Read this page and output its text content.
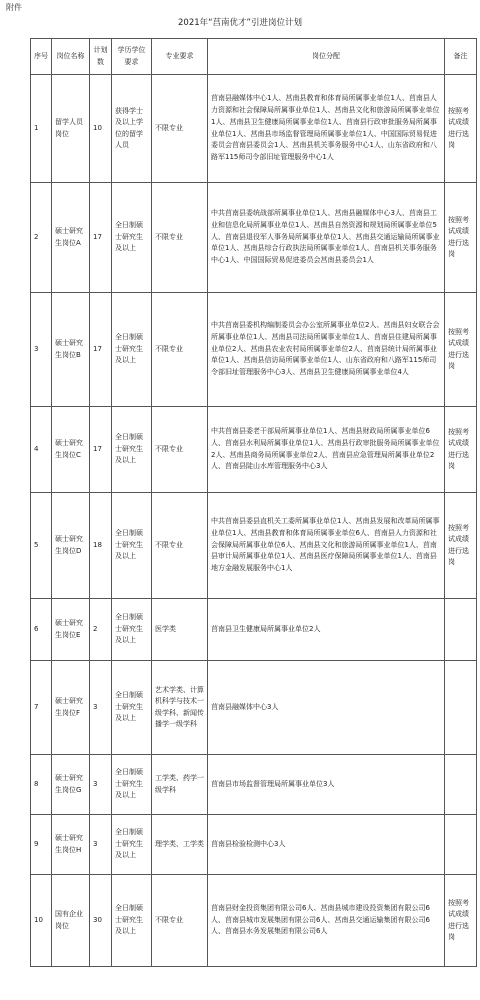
附件
2021年“莒南优才”引进岗位计划
序号	岗位名称	计划数	学历学位要求	专业要求	岗位分配	备注
1	留学人员岗位	10	获得学士及以上学位的留学人员	不限专业	莒南县融媒体中心1人、莒南县教育和体育局所属事业单位1人、莒南县人力资源和社会保障局所属事业单位1人、莒南县文化和旅游局所属事业单位1人、莒南县卫生健康局所属事业单位1人、莒南县行政审批服务局所属事业单位1人、莒南县市场监督管理局所属事业单位1人、中国国际贸易促进委员会莒南县委员会1人、莒南县机关事务服务中心1人、山东省政府和八路军115师司令部旧址管理服务中心1人	按照考试成绩进行选岗
2	硕士研究生岗位A	17	全日制硕士研究生及以上	不限专业	中共莒南县委统战部所属事业单位1人、莒南县融媒体中心3人、莒南县工业和信息化局所属事业单位1人、莒南县自然资源和规划局所属事业单位5人、莒南县退役军人事务局所属事业单位1人、莒南县交通运输局所属事业单位1人、莒南县综合行政执法局所属事业单位1人、莒南县机关事务服务中心1人、中国国际贸易促进委员会莒南县委员会1人	按照考试成绩进行选岗
3	硕士研究生岗位B	17	全日制硕士研究生及以上	不限专业	中共莒南县委机构编制委员会办公室所属事业单位2人、莒南县妇女联合会所属事业单位1人、莒南县司法局所属事业单位1人、莒南县住建局所属事业单位2人、莒南县农业农村局所属事业单位2人、莒南县统计局所属事业单位1人、莒南县信访局所属事业单位1人、山东省政府和八路军115师司令部旧址管理服务中心3人、莒南县卫生健康局所属事业单位4人	按照考试成绩进行选岗
4	硕士研究生岗位C	17	全日制硕士研究生及以上	不限专业	中共莒南县委老干部局所属事业单位1人、莒南县财政局所属事业单位6人、莒南县水利局所属事业单位1人、莒南县行政审批服务局所属事业单位2人、莒南县商务局所属事业单位2人、莒南县应急管理局所属事业单位2人、莒南县陡山水库管理服务中心3人	按照考试成绩进行选岗
5	硕士研究生岗位D	18	全日制硕士研究生及以上	不限专业	中共莒南县委县直机关工委所属事业单位1人、莒南县发展和改革局所属事业单位1人、莒南县教育和体育局所属事业单位6人、莒南县人力资源和社会保障局所属事业单位6人、莒南县文化和旅游局所属事业单位1人、莒南县审计局所属事业单位1人、莒南县医疗保障局所属事业单位1人、莒南县地方金融发展服务中心1人	按照考试成绩进行选岗
6	硕士研究生岗位E	2	全日制硕士研究生及以上	医学类	莒南县卫生健康局所属事业单位2人	
7	硕士研究生岗位F	3	全日制硕士研究生及以上	艺术学类、计算机科学与技术一级学科、新闻传播学一级学科	莒南县融媒体中心3人	
8	硕士研究生岗位G	3	全日制硕士研究生及以上	工学类、药学一级学科	莒南县市场监督管理局所属事业单位3人	
9	硕士研究生岗位H	3	全日制硕士研究生及以上	理学类、工学类	莒南县检验检测中心3人	
10	国有企业岗位	30	全日制硕士研究生及以上	不限专业	莒南县财金投资集团有限公司6人、莒南县城市建设投资集团有限公司6人、莒南县城市发展集团有限公司6人、莒南县交通运输集团有限公司6人、莒南县水务发展集团有限公司6人	按照考试成绩进行选岗
